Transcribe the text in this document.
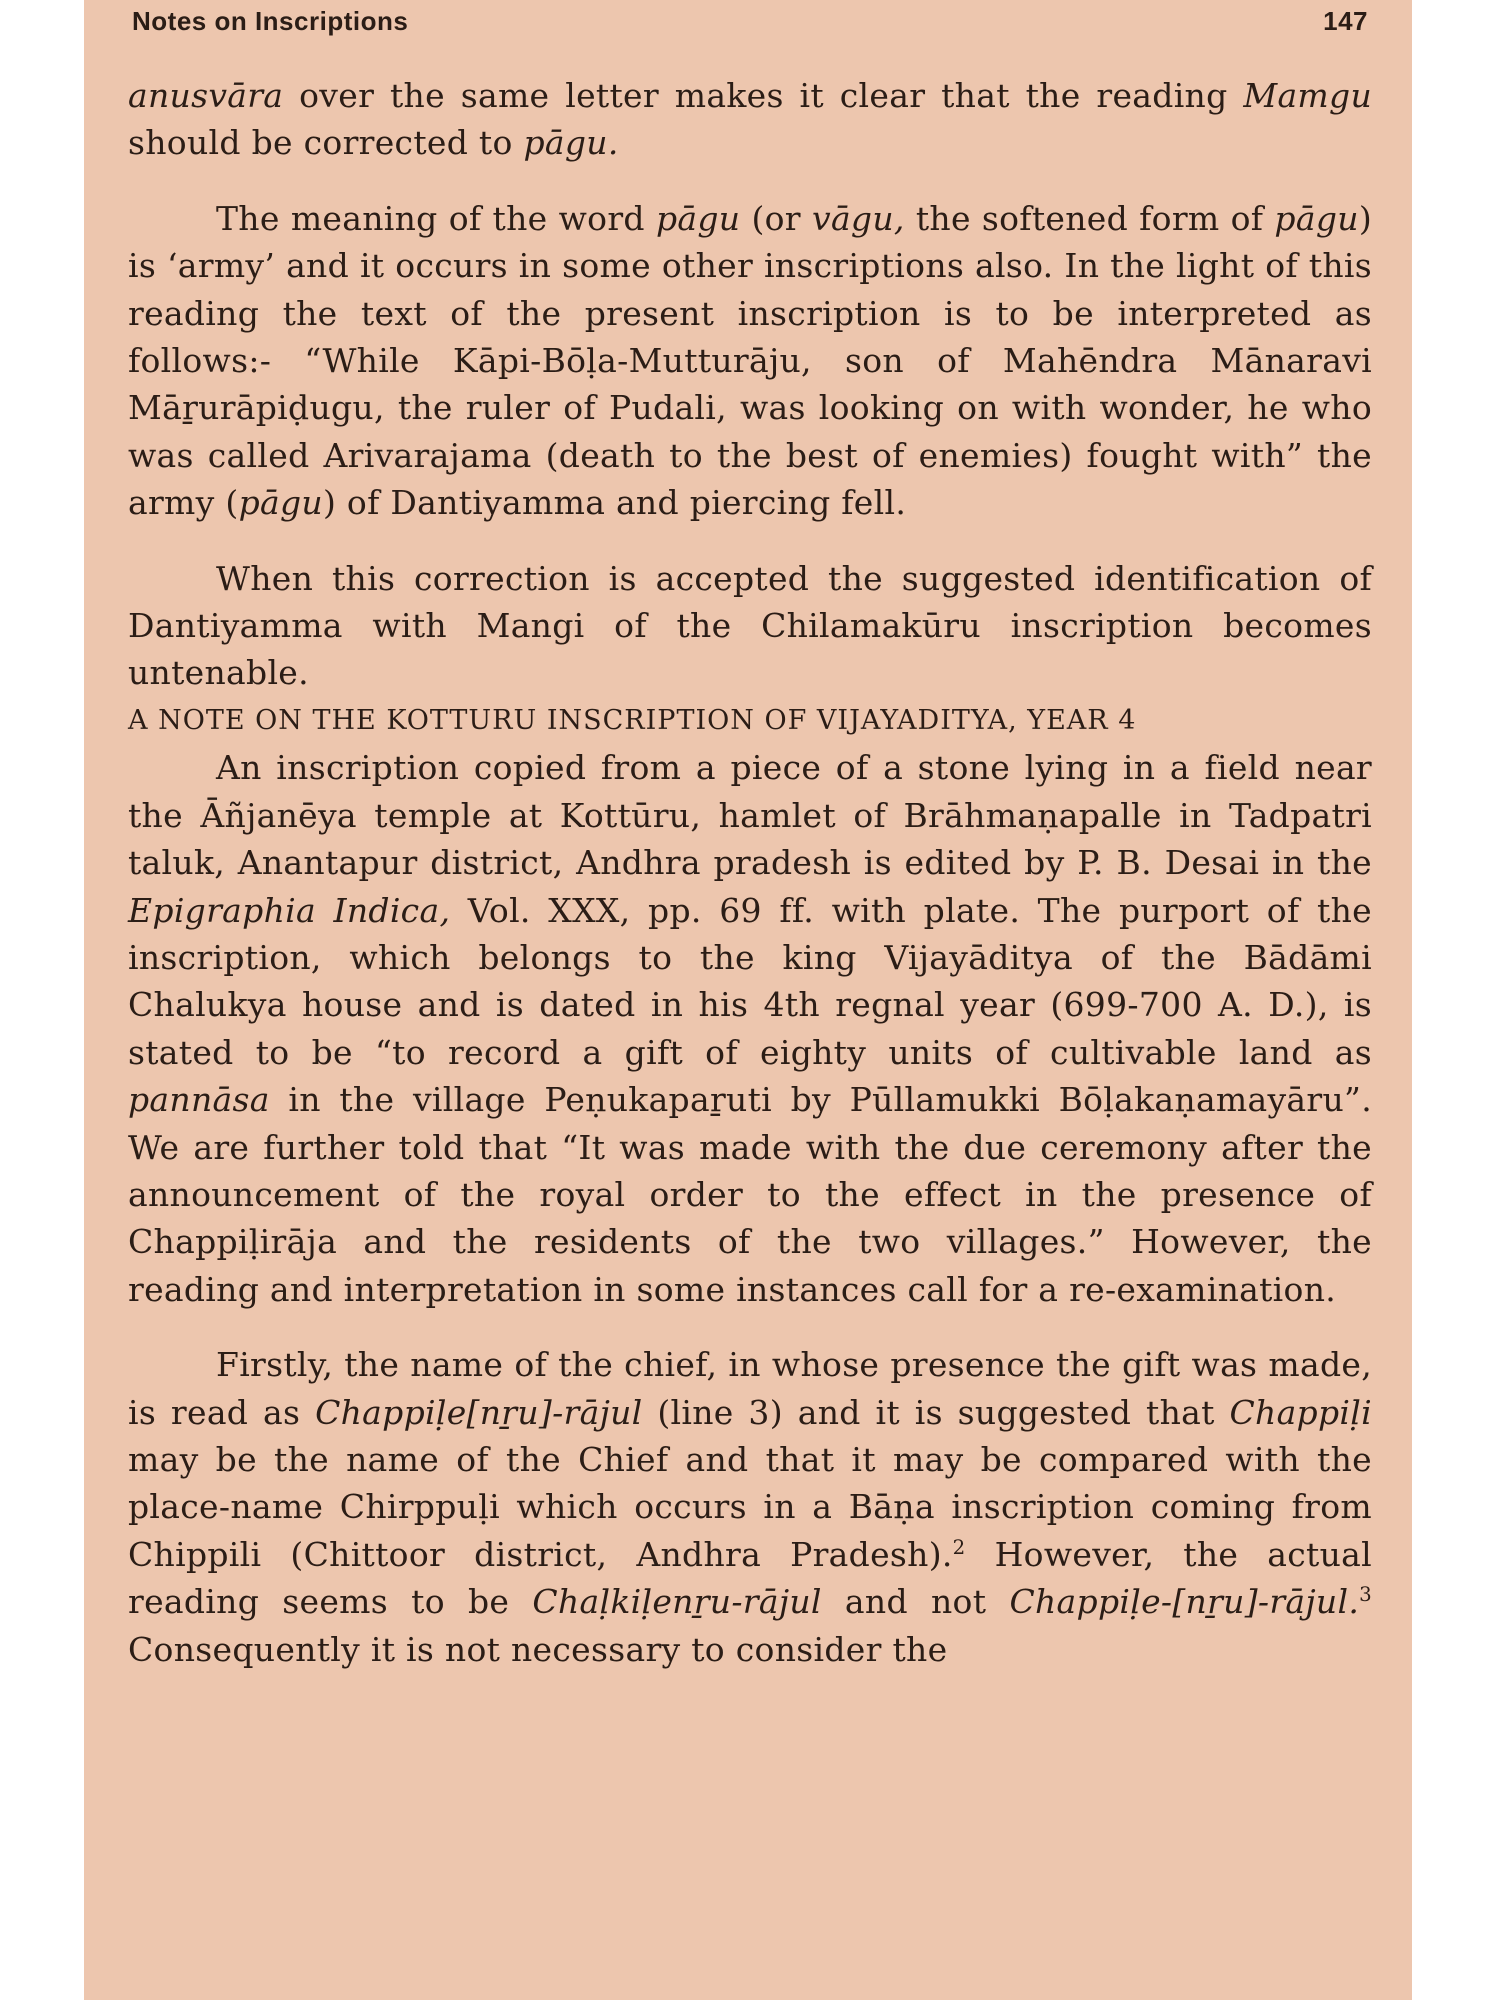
Notes on Inscriptions	147

anusvāra over the same letter makes it clear that the reading Mamgu should be corrected to pāgu.

The meaning of the word pāgu (or vāgu, the softened form of pāgu) is ‘army’ and it occurs in some other inscriptions also. In the light of this reading the text of the present inscription is to be interpreted as follows:- “While Kāpi-Bōḷa-Mutturāju, son of Mahēndra Mānaravi Māṟurāpiḍugu, the ruler of Pudali, was looking on with wonder, he who was called Arivarajama (death to the best of enemies) fought with” the army (pāgu) of Dantiyamma and piercing fell.

When this correction is accepted the suggested identification of Dantiyamma with Mangi of the Chilamakūru inscription becomes untenable.

A NOTE ON THE KOTTURU INSCRIPTION OF VIJAYADITYA, YEAR 4

An inscription copied from a piece of a stone lying in a field near the Āñjanēya temple at Kottūru, hamlet of Brāhmaṇapalle in Tadpatri taluk, Anantapur district, Andhra pradesh is edited by P. B. Desai in the Epigraphia Indica, Vol. XXX, pp. 69 ff. with plate. The purport of the inscription, which belongs to the king Vijayāditya of the Bādāmi Chalukya house and is dated in his 4th regnal year (699-700 A. D.), is stated to be “to record a gift of eighty units of cultivable land as pannāsa in the village Peṇukapaṟuti by Pūllamukki Bōḷakaṇamayāru”. We are further told that “It was made with the due ceremony after the announcement of the royal order to the effect in the presence of Chappiḷirāja and the residents of the two villages.” However, the reading and interpretation in some instances call for a re-examination.

Firstly, the name of the chief, in whose presence the gift was made, is read as Chappiḷe[nṟu]-rājul (line 3) and it is suggested that Chappiḷi may be the name of the Chief and that it may be compared with the place-name Chirppuḷi which occurs in a Bāṇa inscription coming from Chippili (Chittoor district, Andhra Pradesh).$^2$ However, the actual reading seems to be Chaḷkiḷenṟu-rājul and not Chappiḷe-[nṟu]-rājul.$^3$ Consequently it is not necessary to consider the
